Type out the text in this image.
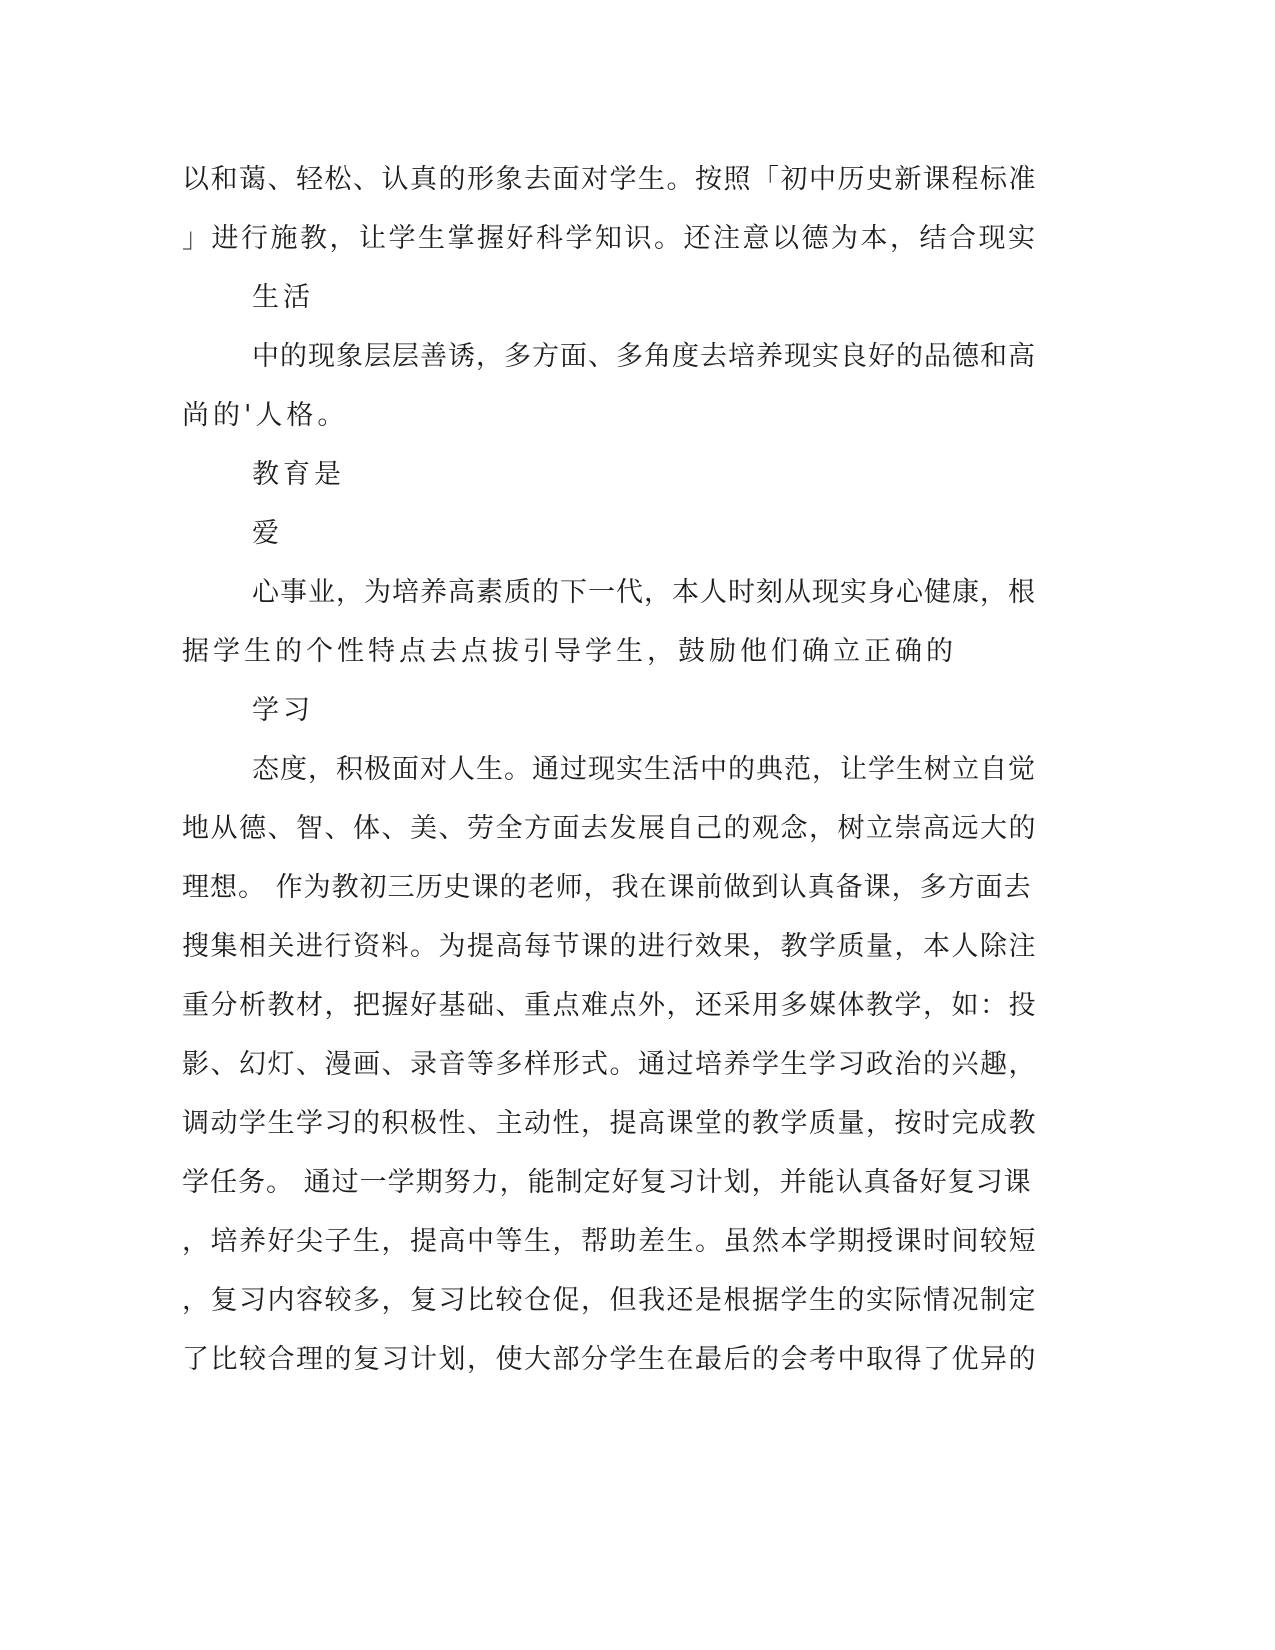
以和蔼、轻松、认真的形象去面对学生。按照「初中历史新课程标准
」进行施教，让学生掌握好科学知识。还注意以德为本，结合现实
生活
中的现象层层善诱，多方面、多角度去培养现实良好的品德和高
尚的'人格。
教育是
爱
心事业，为培养高素质的下一代，本人时刻从现实身心健康，根
据学生的个性特点去点拔引导学生，鼓励他们确立正确的
学习
态度，积极面对人生。通过现实生活中的典范，让学生树立自觉
地从德、智、体、美、劳全方面去发展自己的观念，树立崇高远大的
理想。 作为教初三历史课的老师，我在课前做到认真备课，多方面去
搜集相关进行资料。为提高每节课的进行效果，教学质量，本人除注
重分析教材，把握好基础、重点难点外，还采用多媒体教学，如：投
影、幻灯、漫画、录音等多样形式。通过培养学生学习政治的兴趣，
调动学生学习的积极性、主动性，提高课堂的教学质量，按时完成教
学任务。 通过一学期努力，能制定好复习计划，并能认真备好复习课
，培养好尖子生，提高中等生，帮助差生。虽然本学期授课时间较短
，复习内容较多，复习比较仓促，但我还是根据学生的实际情况制定
了比较合理的复习计划，使大部分学生在最后的会考中取得了优异的
